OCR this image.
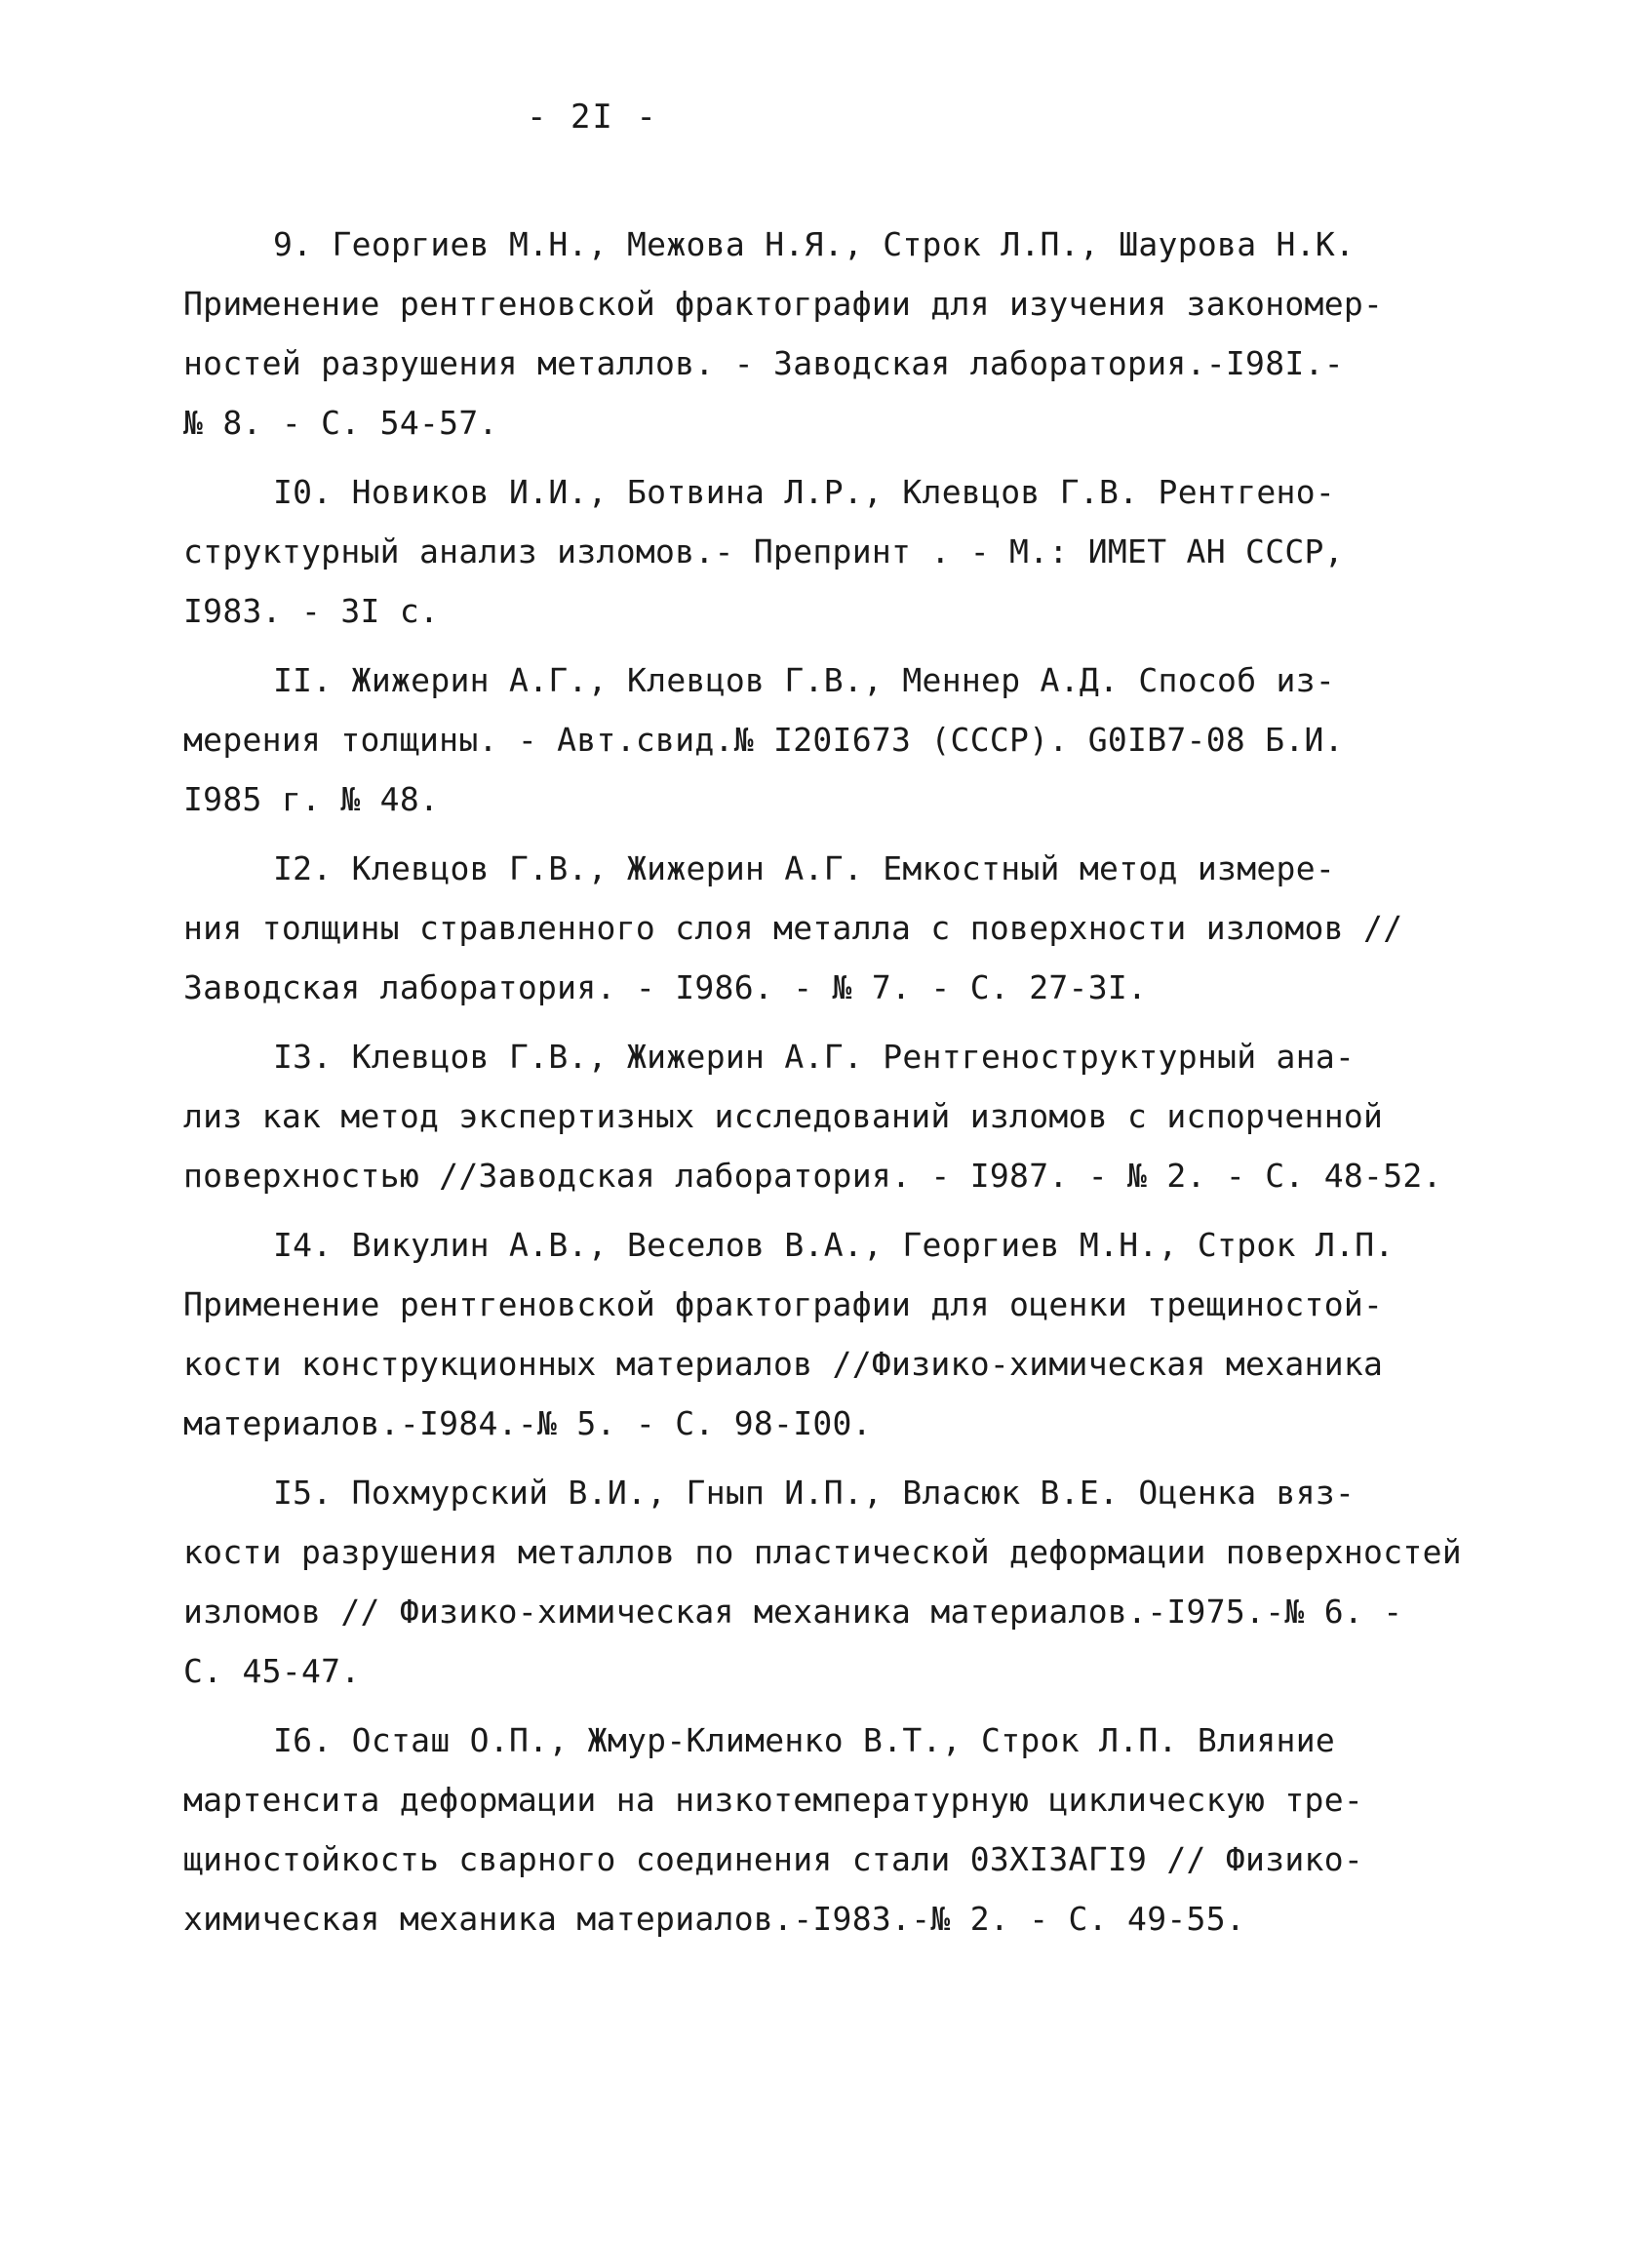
- 2I -
9. Георгиев М.Н., Межова Н.Я., Строк Л.П., Шаурова Н.К.
Применение рентгеновской фрактографии для изучения закономер-
ностей разрушения металлов. - Заводская лаборатория.-I98I.-
№ 8. - С. 54-57.
I0. Новиков И.И., Ботвина Л.Р., Клевцов Г.В. Рентгено-
структурный анализ изломов.- Препринт . - М.: ИМЕТ АН СССР,
I983. - 3I с.
II. Жижерин А.Г., Клевцов Г.В., Меннер А.Д. Способ из-
мерения толщины. - Авт.свид.№ I20I673 (СССР). G0IB7-08 Б.И.
I985 г. № 48.
I2. Клевцов Г.В., Жижерин А.Г. Емкостный метод измере-
ния толщины стравленного слоя металла с поверхности изломов //
Заводская лаборатория. - I986. - № 7. - С. 27-3I.
I3. Клевцов Г.В., Жижерин А.Г. Рентгеноструктурный ана-
лиз как метод экспертизных исследований изломов с испорченной
поверхностью //Заводская лаборатория. - I987. - № 2. - С. 48-52.
I4. Викулин А.В., Веселов В.А., Георгиев М.Н., Строк Л.П.
Применение рентгеновской фрактографии для оценки трещиностой-
кости конструкционных материалов //Физико-химическая механика
материалов.-I984.-№ 5. - С. 98-I00.
I5. Похмурский В.И., Гнып И.П., Власюк В.Е. Оценка вяз-
кости разрушения металлов по пластической деформации поверхностей
изломов // Физико-химическая механика материалов.-I975.-№ 6. -
С. 45-47.
I6. Осташ О.П., Жмур-Клименко В.Т., Строк Л.П. Влияние
мартенсита деформации на низкотемпературную циклическую тре-
щиностойкость сварного соединения стали 03XI3AГI9 // Физико-
химическая механика материалов.-I983.-№ 2. - С. 49-55.
